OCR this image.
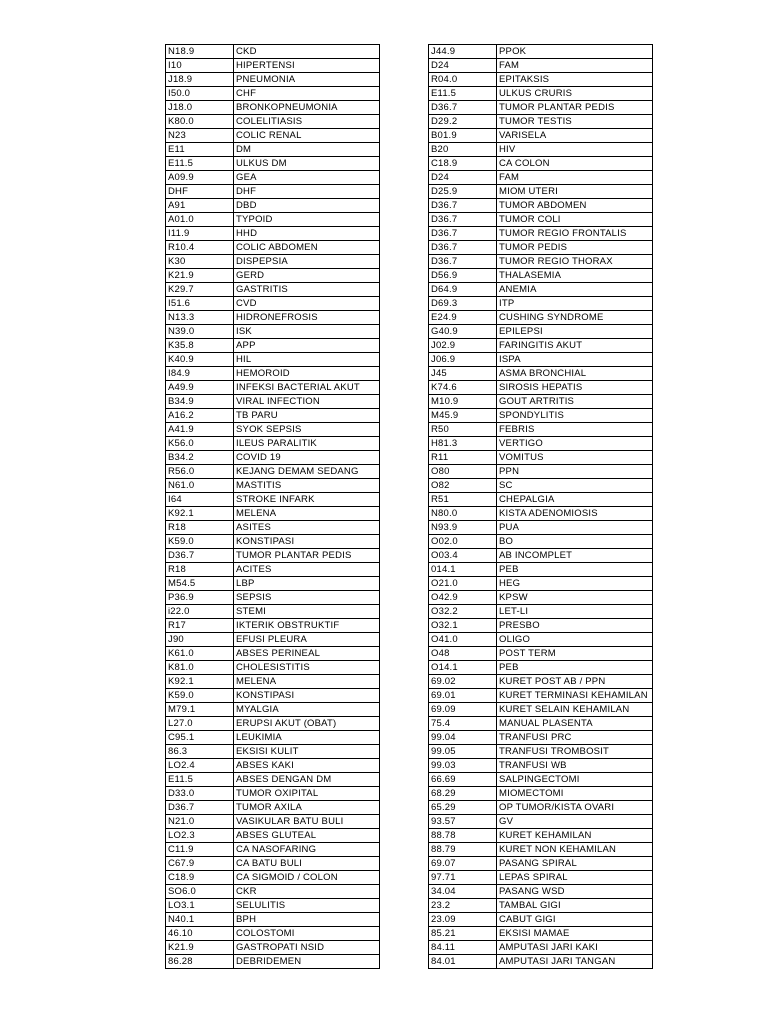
N18.9	CKD
I10	HIPERTENSI
J18.9	PNEUMONIA
I50.0	CHF
J18.0	BRONKOPNEUMONIA
K80.0	COLELITIASIS
N23	COLIC RENAL
E11	DM
E11.5	ULKUS DM
A09.9	GEA
DHF	DHF
A91	DBD
A01.0	TYPOID
I11.9	HHD
R10.4	COLIC ABDOMEN
K30	DISPEPSIA
K21.9	GERD
K29.7	GASTRITIS
I51.6	CVD
N13.3	HIDRONEFROSIS
N39.0	ISK
K35.8	APP
K40.9	HIL
I84.9	HEMOROID
A49.9	INFEKSI BACTERIAL AKUT
B34.9	VIRAL INFECTION
A16.2	TB PARU
A41.9	SYOK SEPSIS
K56.0	ILEUS PARALITIK
B34.2	COVID 19
R56.0	KEJANG DEMAM SEDANG
N61.0	MASTITIS
I64	STROKE INFARK
K92.1	MELENA
R18	ASITES
K59.0	KONSTIPASI
D36.7	TUMOR PLANTAR PEDIS
R18	ACITES
M54.5	LBP
P36.9	SEPSIS
i22.0	STEMI
R17	IKTERIK OBSTRUKTIF
J90	EFUSI PLEURA
K61.0	ABSES PERINEAL
K81.0	CHOLESISTITIS
K92.1	MELENA
K59.0	KONSTIPASI
M79.1	MYALGIA
L27.0	ERUPSI AKUT (OBAT)
C95.1	LEUKIMIA
86.3	EKSISI KULIT
LO2.4	ABSES KAKI
E11.5	ABSES DENGAN DM
D33.0	TUMOR OXIPITAL
D36.7	TUMOR AXILA
N21.0	VASIKULAR BATU BULI
LO2.3	ABSES GLUTEAL
C11.9	CA NASOFARING
C67.9	CA BATU BULI
C18.9	CA SIGMOID / COLON
SO6.0	CKR
LO3.1	SELULITIS
N40.1	BPH
46.10	COLOSTOMI
K21.9	GASTROPATI NSID
86.28	DEBRIDEMEN
J44.9	PPOK
D24	FAM
R04.0	EPITAKSIS
E11.5	ULKUS CRURIS
D36.7	TUMOR PLANTAR PEDIS
D29.2	TUMOR TESTIS
B01.9	VARISELA
B20	HIV
C18.9	CA COLON
D24	FAM
D25.9	MIOM UTERI
D36.7	TUMOR ABDOMEN
D36.7	TUMOR COLI
D36.7	TUMOR REGIO FRONTALIS
D36.7	TUMOR PEDIS
D36.7	TUMOR REGIO THORAX
D56.9	THALASEMIA
D64.9	ANEMIA
D69.3	ITP
E24.9	CUSHING SYNDROME
G40.9	EPILEPSI
J02.9	FARINGITIS AKUT
J06.9	ISPA
J45	ASMA BRONCHIAL
K74.6	SIROSIS HEPATIS
M10.9	GOUT ARTRITIS
M45.9	SPONDYLITIS
R50	FEBRIS
H81.3	VERTIGO
R11	VOMITUS
O80	PPN
O82	SC
R51	CHEPALGIA
N80.0	KISTA ADENOMIOSIS
N93.9	PUA
O02.0	BO
O03.4	AB INCOMPLET
014.1	PEB
O21.0	HEG
O42.9	KPSW
O32.2	LET-LI
O32.1	PRESBO
O41.0	OLIGO
O48	POST TERM
O14.1	PEB
69.02	KURET POST AB / PPN
69.01	KURET TERMINASI KEHAMILAN
69.09	KURET SELAIN KEHAMILAN
75.4	MANUAL PLASENTA
99.04	TRANFUSI PRC
99.05	TRANFUSI TROMBOSIT
99.03	TRANFUSI WB
66.69	SALPINGECTOMI
68.29	MIOMECTOMI
65.29	OP TUMOR/KISTA OVARI
93.57	GV
88.78	KURET KEHAMILAN
88.79	KURET NON KEHAMILAN
69.07	PASANG SPIRAL
97.71	LEPAS SPIRAL
34.04	PASANG WSD
23.2	TAMBAL GIGI
23.09	CABUT GIGI
85.21	EKSISI MAMAE
84.11	AMPUTASI JARI KAKI
84.01	AMPUTASI JARI TANGAN
